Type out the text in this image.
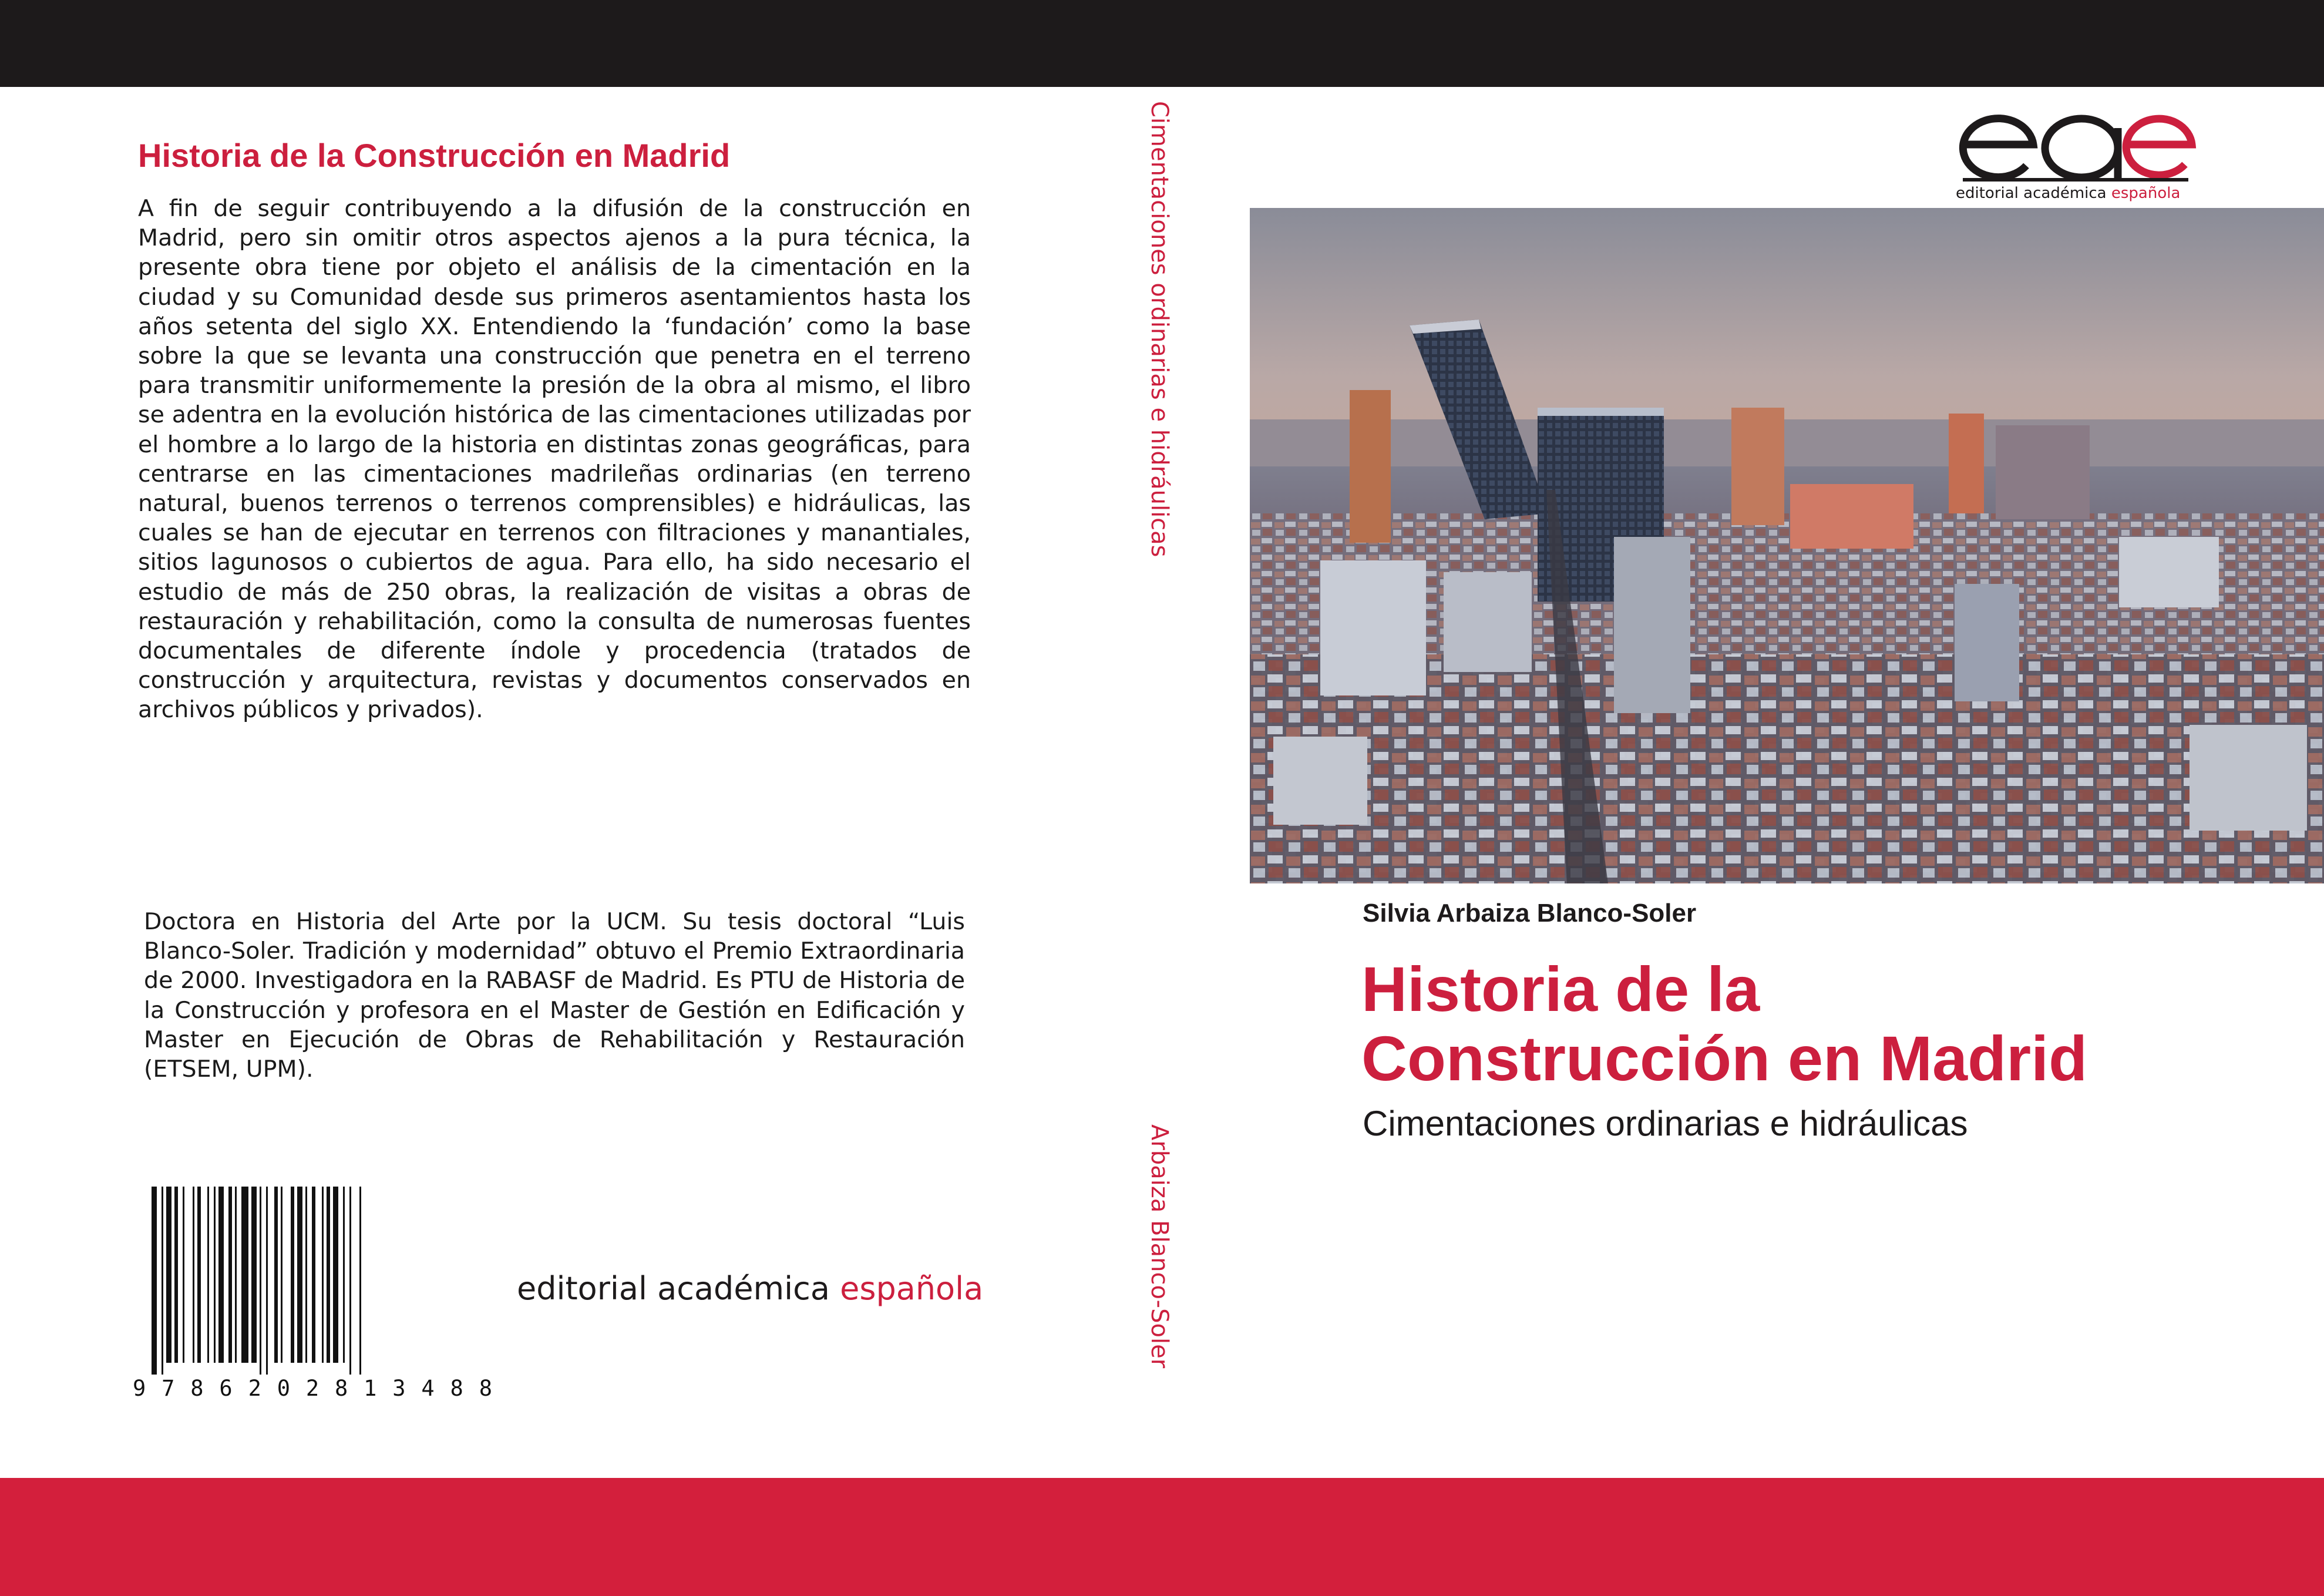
Historia de la Construcción en Madrid
A fin de seguir contribuyendo a la difusión de la construcción en Madrid, pero sin omitir otros aspectos ajenos a la pura técnica, la presente obra tiene por objeto el análisis de la cimentación en la ciudad y su Comunidad desde sus primeros asentamientos hasta los años setenta del siglo XX. Entendiendo la ‘fundación’ como la base sobre la que se levanta una construcción que penetra en el terreno para transmitir uniformemente la presión de la obra al mismo, el libro se adentra en la evolución histórica de las cimentaciones utilizadas por el hombre a lo largo de la historia en distintas zonas geográficas, para centrarse en las cimentaciones madrileñas ordinarias (en terreno natural, buenos terrenos o terrenos comprensibles) e hidráulicas, las cuales se han de ejecutar en terrenos con filtraciones y manantiales, sitios lagunosos o cubiertos de agua. Para ello, ha sido necesario el estudio de más de 250 obras, la realización de visitas a obras de restauración y rehabilitación, como la consulta de numerosas fuentes documentales de diferente índole y procedencia (tratados de construcción y arquitectura, revistas y documentos conservados en archivos públicos y privados).
Doctora en Historia del Arte por la UCM. Su tesis doctoral “Luis Blanco-Soler. Tradición y modernidad” obtuvo el Premio Extraordinaria de 2000. Investigadora en la RABASF de Madrid. Es PTU de Historia de la Construcción y profesora en el Master de Gestión en Edificación y Master en Ejecución de Obras de Rehabilitación y Restauración (ETSEM, UPM).
9 7 8 6 2 0 2 8 1 3 4 8 8
editorial académica española
Cimentaciones ordinarias e hidráulicas
Arbaiza Blanco-Soler
editorial académica española
Silvia Arbaiza Blanco-Soler
Historia de la
Construcción en Madrid
Cimentaciones ordinarias e hidráulicas
